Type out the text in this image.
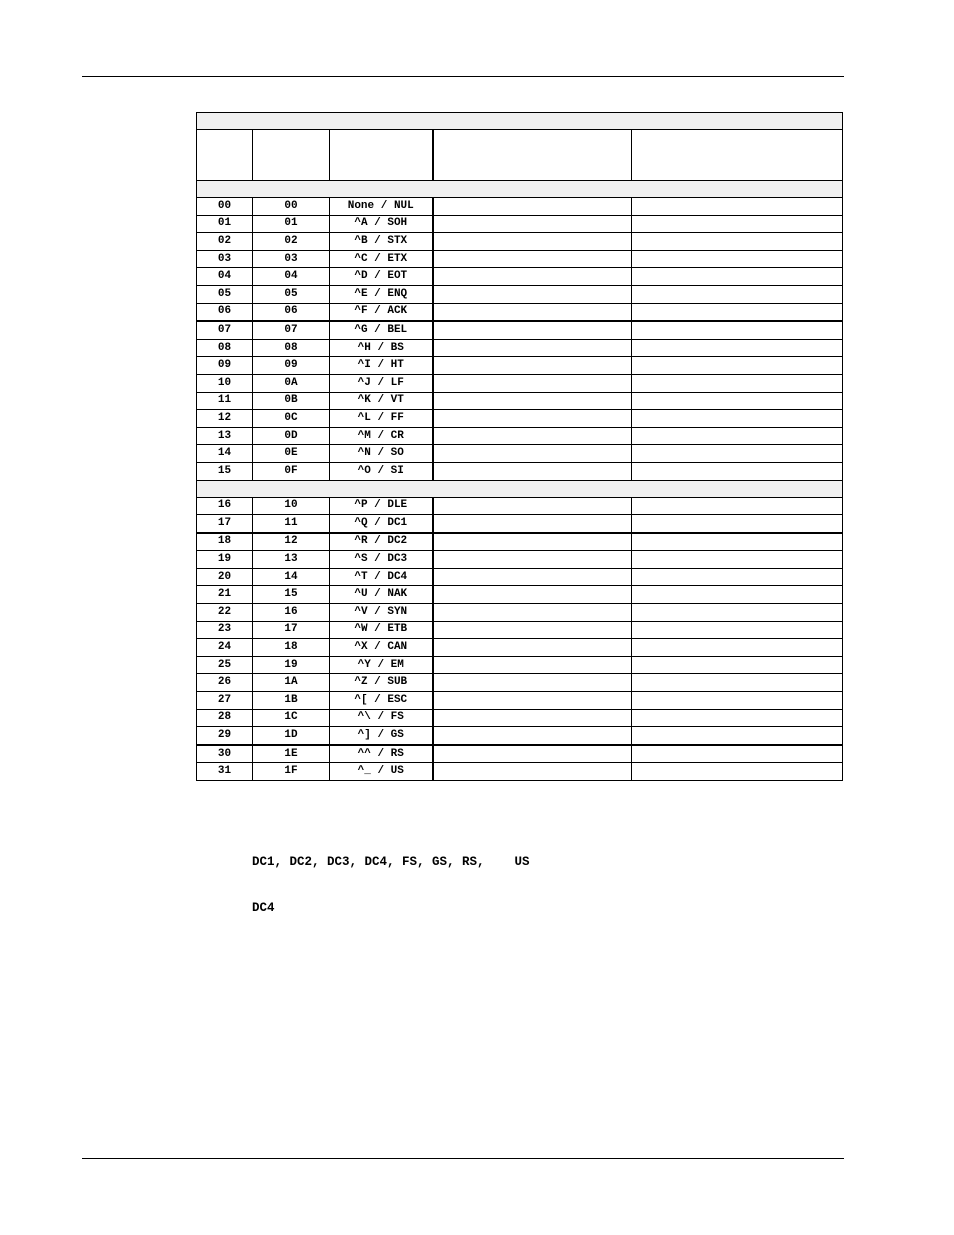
00	00	None / NUL		
01	01	^A / SOH		
02	02	^B / STX		
03	03	^C / ETX		
04	04	^D / EOT		
05	05	^E / ENQ		
06	06	^F / ACK		
07	07	^G / BEL		
08	08	^H / BS		
09	09	^I / HT		
10	0A	^J / LF		
11	0B	^K / VT		
12	0C	^L / FF		
13	0D	^M / CR		
14	0E	^N / SO		
15	0F	^O / SI		

16	10	^P / DLE		
17	11	^Q / DC1		
18	12	^R / DC2		
19	13	^S / DC3		
20	14	^T / DC4		
21	15	^U / NAK		
22	16	^V / SYN		
23	17	^W / ETB		
24	18	^X / CAN		
25	19	^Y / EM		
26	1A	^Z / SUB		
27	1B	^[ / ESC		
28	1C	^\ / FS		
29	1D	^] / GS		
30	1E	^^ / RS		
31	1F	^_ / US		
DC1, DC2, DC3, DC4, FS, GS, RS,    US
DC4
